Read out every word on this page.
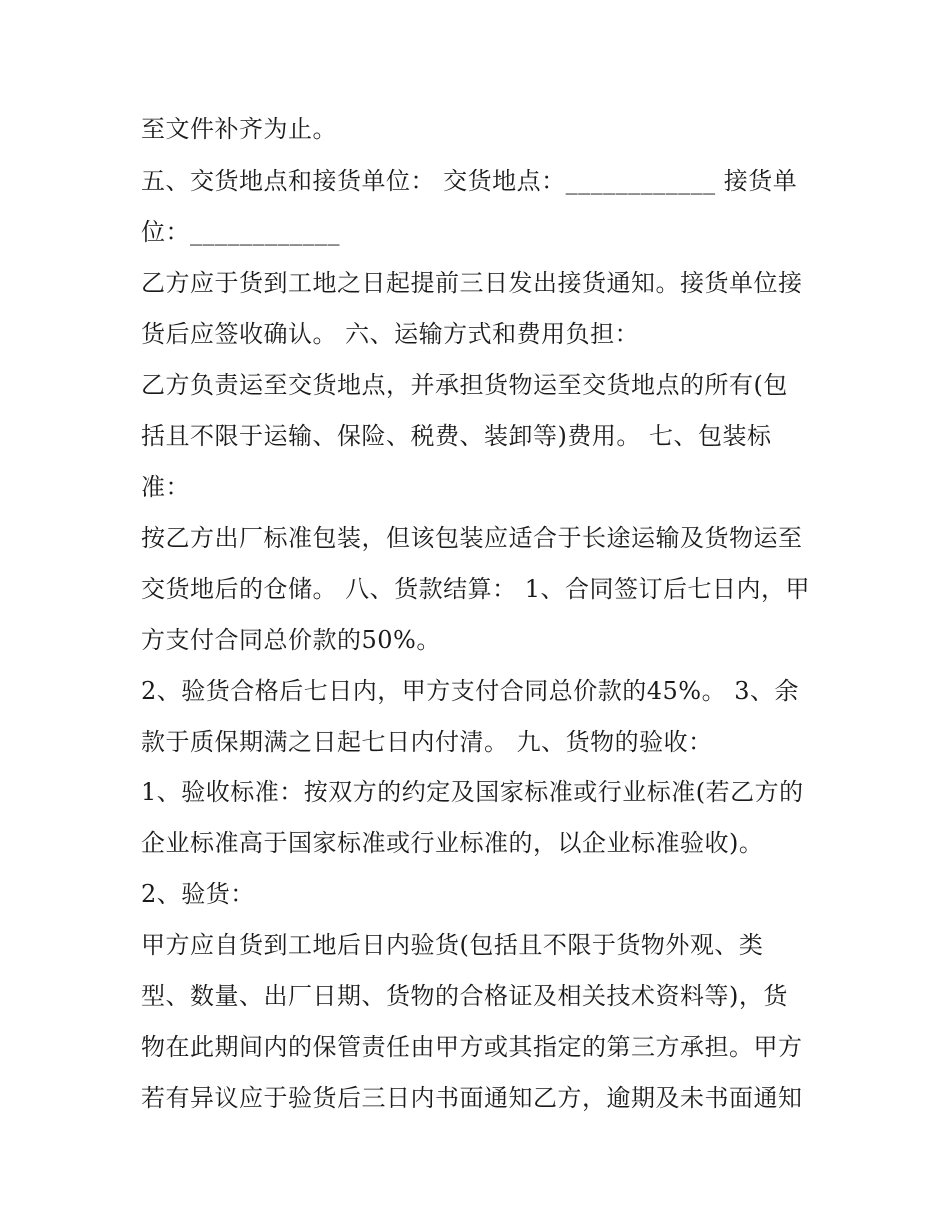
至文件补齐为止。
五、交货地点和接货单位： 交货地点：____________ 接货单
位：____________
乙方应于货到工地之日起提前三日发出接货通知。接货单位接
货后应签收确认。 六、运输方式和费用负担：
乙方负责运至交货地点，并承担货物运至交货地点的所有(包
括且不限于运输、保险、税费、装卸等)费用。 七、包装标
准：
按乙方出厂标准包装，但该包装应适合于长途运输及货物运至
交货地后的仓储。 八、货款结算： 1、合同签订后七日内，甲
方支付合同总价款的50%。
2、验货合格后七日内，甲方支付合同总价款的45%。 3、余
款于质保期满之日起七日内付清。 九、货物的验收：
1、验收标准：按双方的约定及国家标准或行业标准(若乙方的
企业标准高于国家标准或行业标准的，以企业标准验收)。
2、验货：
甲方应自货到工地后日内验货(包括且不限于货物外观、类
型、数量、出厂日期、货物的合格证及相关技术资料等)，货
物在此期间内的保管责任由甲方或其指定的第三方承担。甲方
若有异议应于验货后三日内书面通知乙方，逾期及未书面通知
